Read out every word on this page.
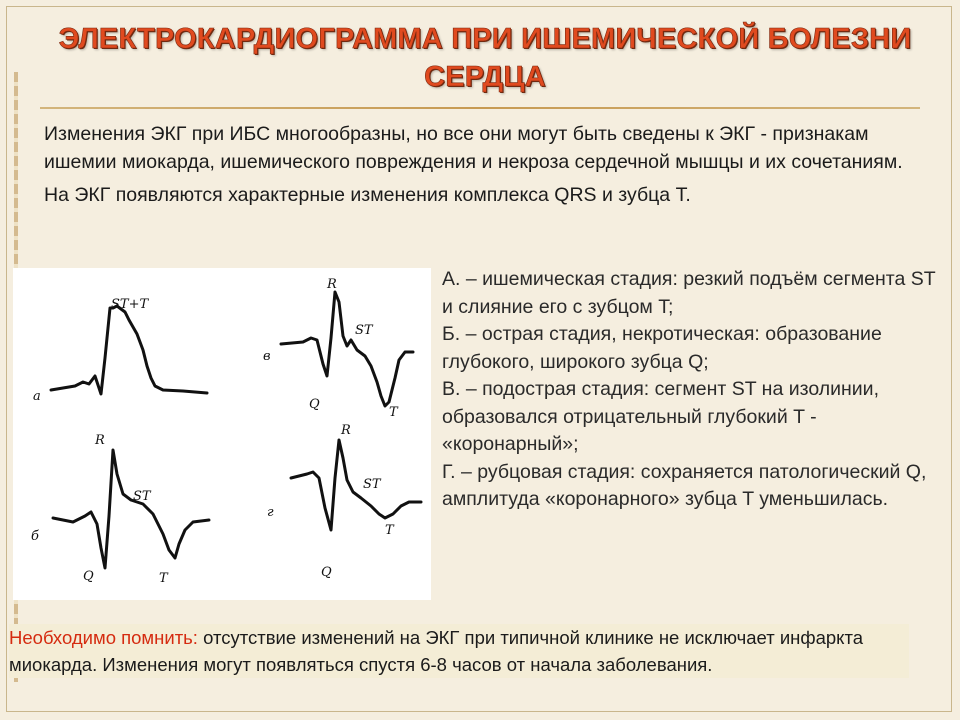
ЭЛЕКТРОКАРДИОГРАММА ПРИ ИШЕМИЧЕСКОЙ БОЛЕЗНИ СЕРДЦА

Изменения ЭКГ при ИБС многообразны, но все они могут быть сведены к ЭКГ - признакам ишемии миокарда, ишемического повреждения и некроза сердечной мышцы и их сочетаниям.

На ЭКГ появляются характерные изменения комплекса QRS и зубца T.

а
ST+T
в
R
ST
Q
T
б
R
ST
Q	T
г
R
ST
Q
T

А. – ишемическая стадия: резкий подъём сегмента ST и слияние его с зубцом T;

Б. – острая стадия, некротическая: образование глубокого, широкого зубца Q;

В. – подострая стадия: сегмент ST на изолинии, образовался отрицательный глубокий T - «коронарный»;

Г. – рубцовая стадия: сохраняется патологический Q, амплитуда «коронарного» зубца T уменьшилась.

Необходимо помнить: отсутствие изменений на ЭКГ при типичной клинике не исключает инфаркта миокарда. Изменения могут появляться спустя 6-8 часов от начала заболевания.
